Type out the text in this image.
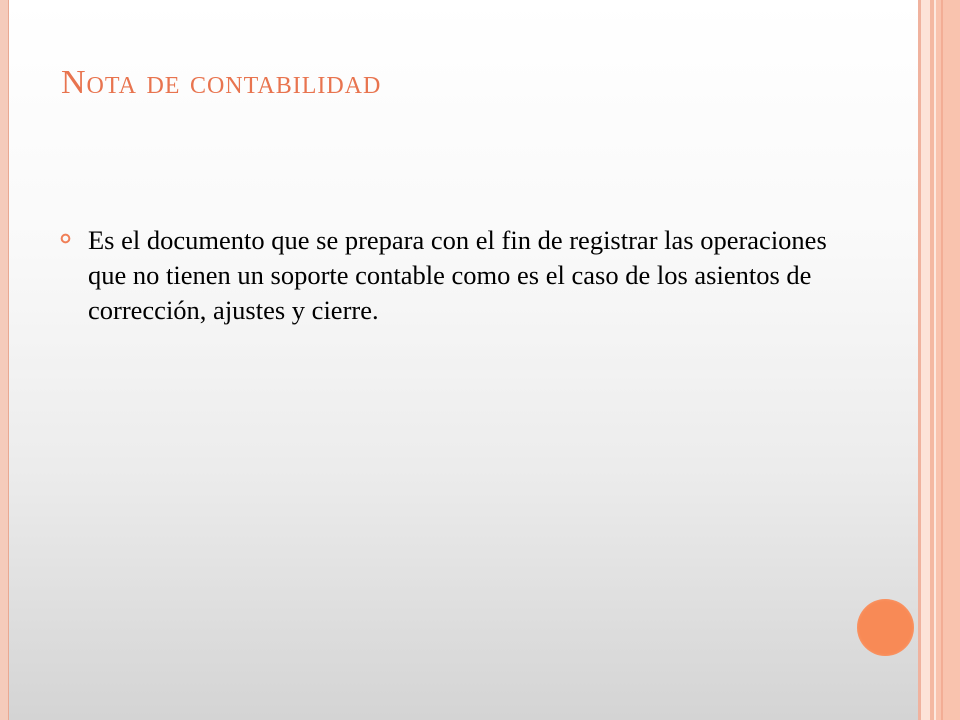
Nota de contabilidad

Es el documento que se prepara con el fin de registrar las operaciones que no tienen un soporte contable como es el caso de los asientos de corrección, ajustes y cierre.
